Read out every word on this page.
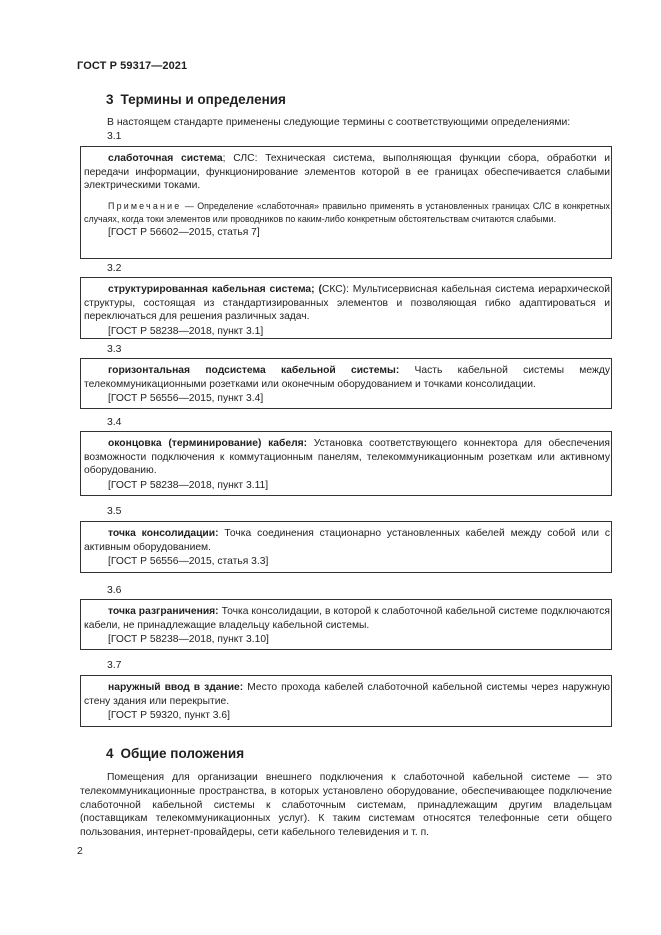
ГОСТ Р 59317—2021
3 Термины и определения
В настоящем стандарте применены следующие термины с соответствующими определениями:
3.1
слаботочная система; СЛС: Техническая система, выполняющая функции сбора, обработки и передачи информации, функционирование элементов которой в ее границах обеспечивается слабыми электрическими токами.
Примечание — Определение «слаботочная» правильно применять в установленных границах СЛС в конкретных случаях, когда токи элементов или проводников по каким-либо конкретным обстоятельствам считаются слабыми.
[ГОСТ Р 56602—2015, статья 7]
3.2
структурированная кабельная система; (СКС): Мультисервисная кабельная система иерархической структуры, состоящая из стандартизированных элементов и позволяющая гибко адаптироваться и переключаться для решения различных задач.
[ГОСТ Р 58238—2018, пункт 3.1]
3.3
горизонтальная подсистема кабельной системы: Часть кабельной системы между телекоммуникационными розетками или оконечным оборудованием и точками консолидации.
[ГОСТ Р 56556—2015, пункт 3.4]
3.4
оконцовка (терминирование) кабеля: Установка соответствующего коннектора для обеспечения возможности подключения к коммутационным панелям, телекоммуникационным розеткам или активному оборудованию.
[ГОСТ Р 58238—2018, пункт 3.11]
3.5
точка консолидации: Точка соединения стационарно установленных кабелей между собой или с активным оборудованием.
[ГОСТ Р 56556—2015, статья 3.3]
3.6
точка разграничения: Точка консолидации, в которой к слаботочной кабельной системе подключаются кабели, не принадлежащие владельцу кабельной системы.
[ГОСТ Р 58238—2018, пункт 3.10]
3.7
наружный ввод в здание: Место прохода кабелей слаботочной кабельной системы через наружную стену здания или перекрытие.
[ГОСТ Р 59320, пункт 3.6]
4 Общие положения
Помещения для организации внешнего подключения к слаботочной кабельной системе — это телекоммуникационные пространства, в которых установлено оборудование, обеспечивающее подключение слаботочной кабельной системы к слаботочным системам, принадлежащим другим владельцам (поставщикам телекоммуникационных услуг). К таким системам относятся телефонные сети общего пользования, интернет-провайдеры, сети кабельного телевидения и т. п.
2
